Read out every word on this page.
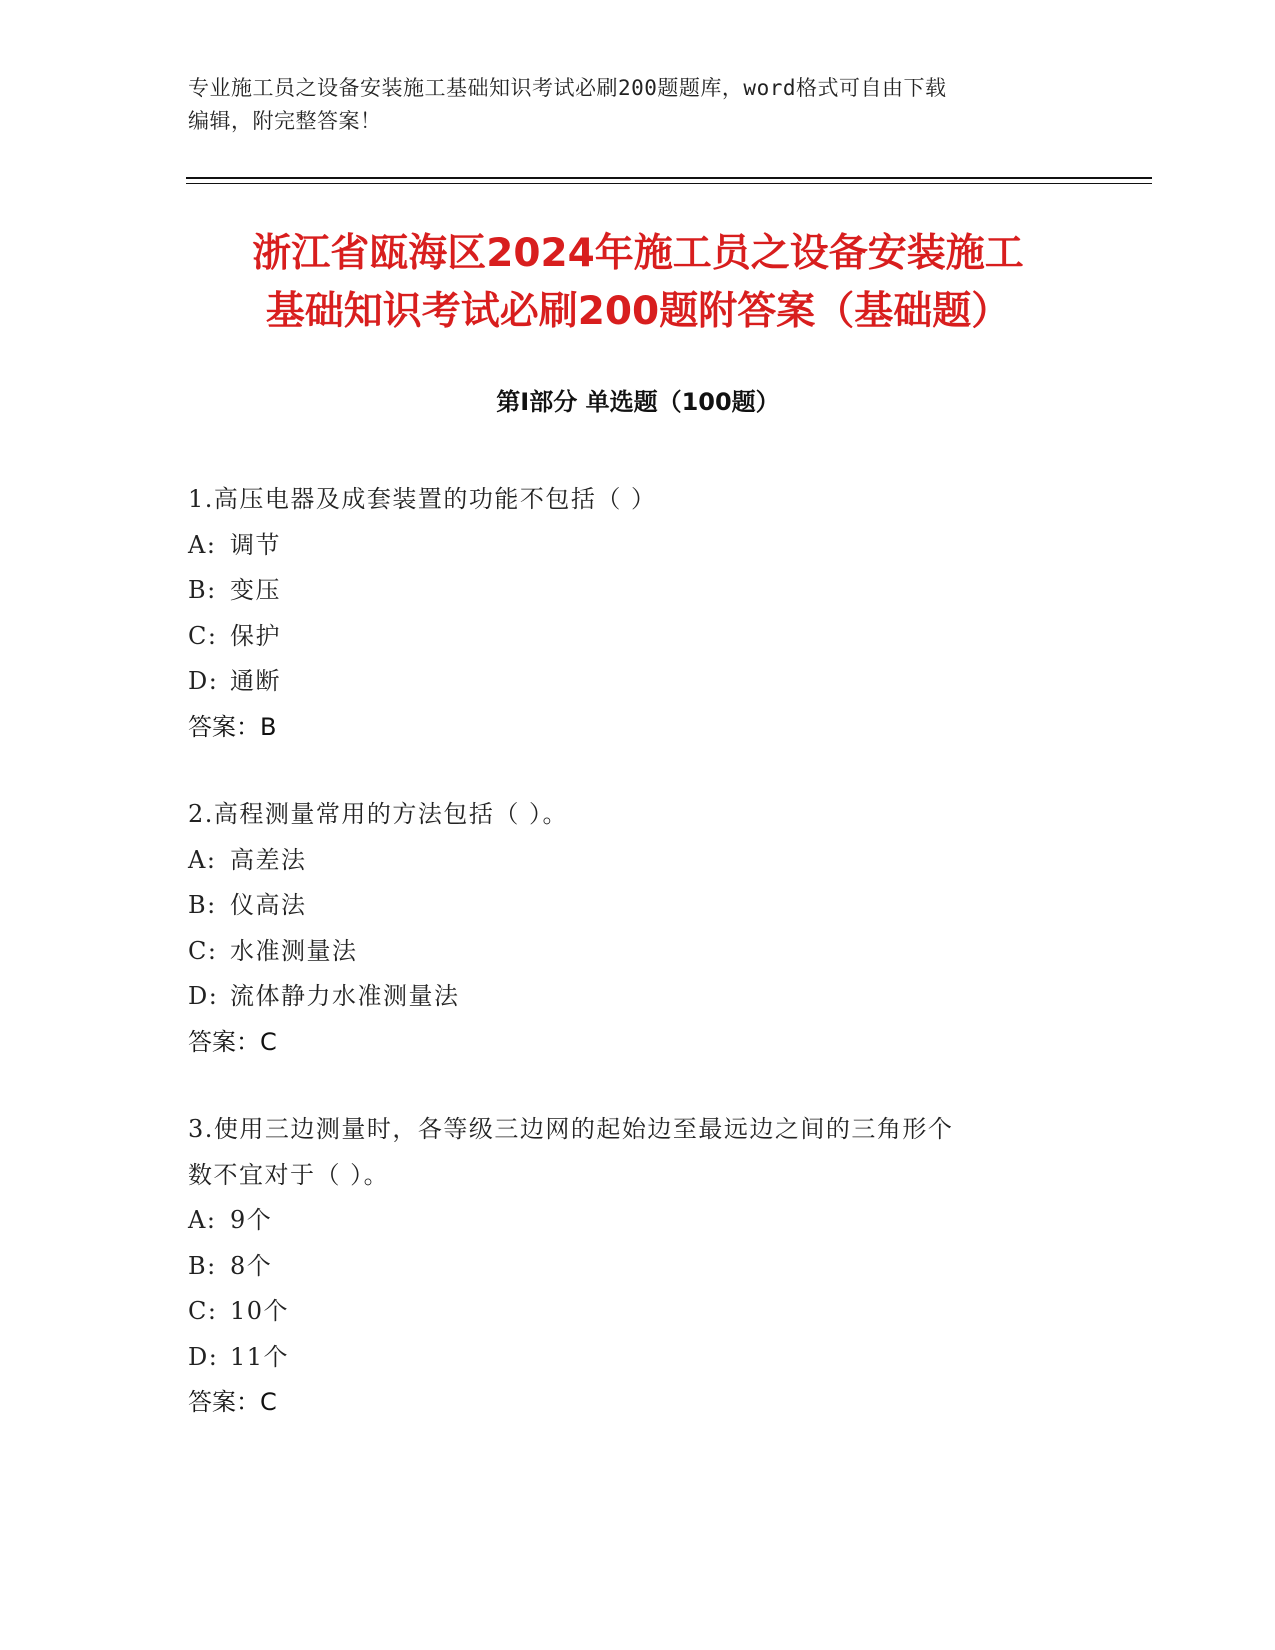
专业施工员之设备安装施工基础知识考试必刷200题题库，word格式可自由下载
编辑，附完整答案！
浙江省瓯海区2024年施工员之设备安装施工
基础知识考试必刷200题附答案（基础题）
第Ⅰ部分 单选题（100题）
1.高压电器及成套装置的功能不包括（ ）
A: 调节
B: 变压
C: 保护
D: 通断
答案：B
2.高程测量常用的方法包括（ ）。
A: 高差法
B: 仪高法
C: 水准测量法
D: 流体静力水准测量法
答案：C
3.使用三边测量时，各等级三边网的起始边至最远边之间的三角形个
数不宜对于（ ）。
A: 9个
B: 8个
C: 10个
D: 11个
答案：C
